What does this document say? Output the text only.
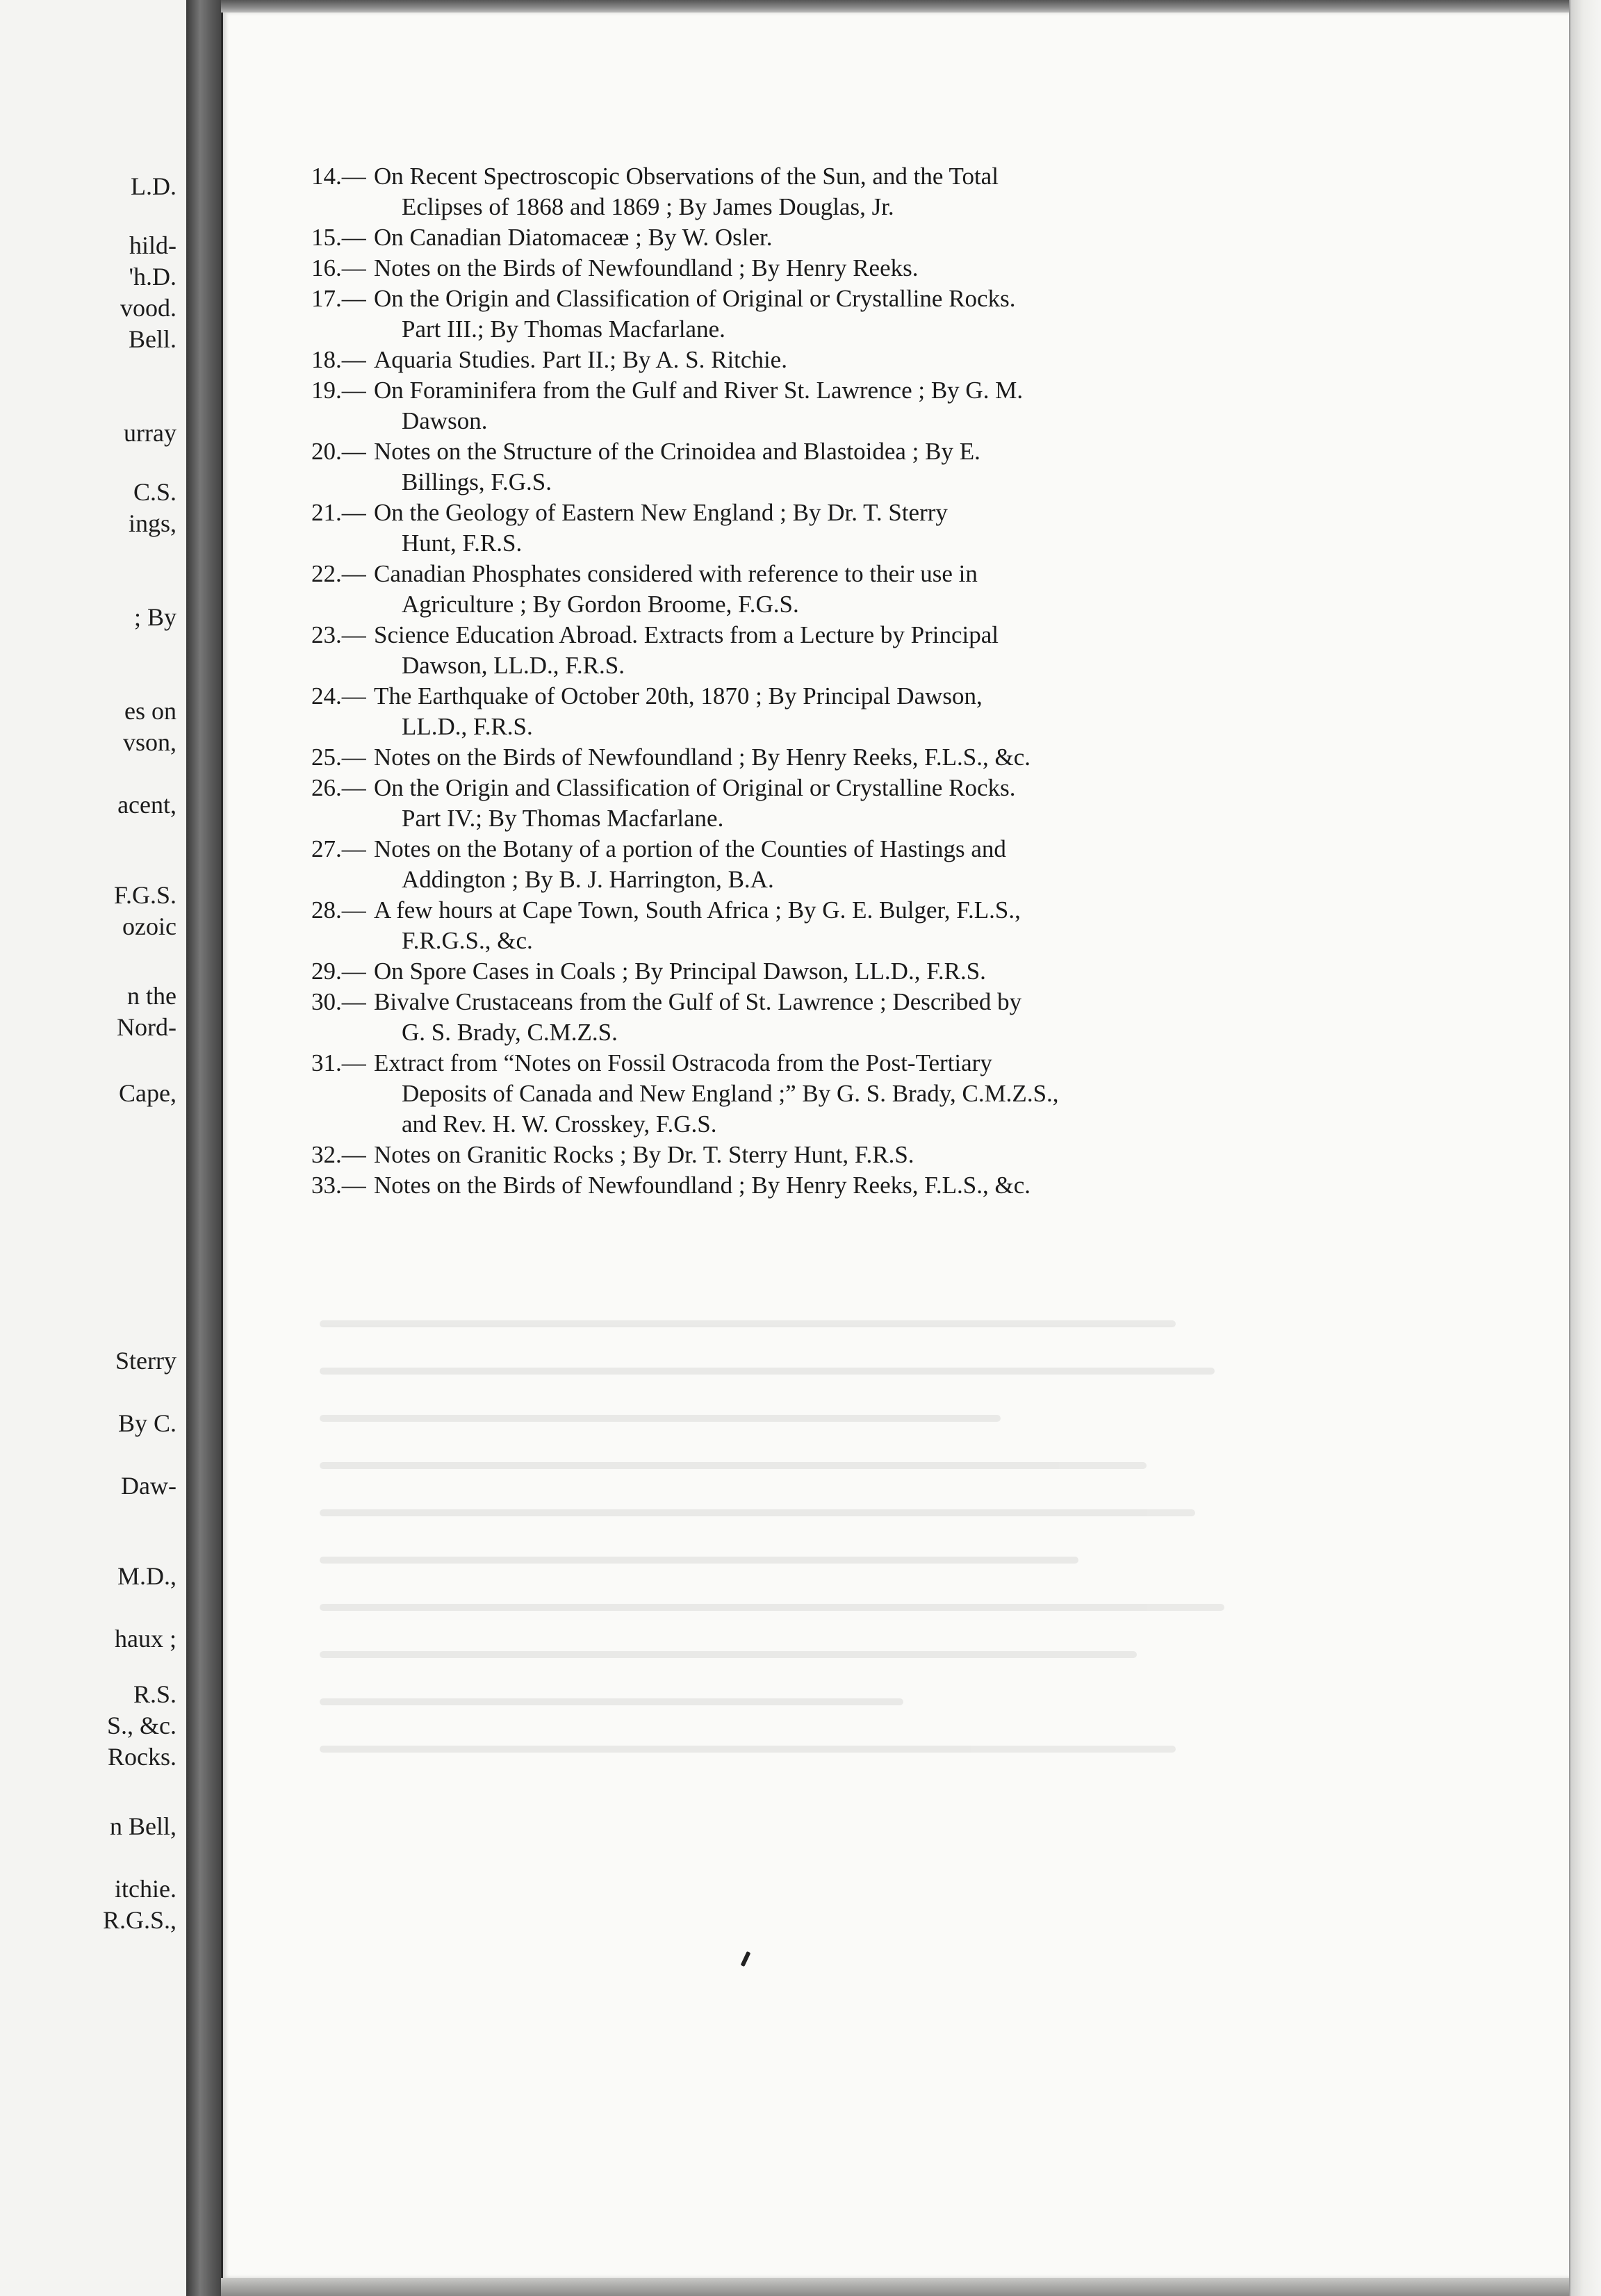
L.D.
hild-
'h.D.
vood.
Bell.
urray
C.S.
ings,
; By
es on
vson,
acent,
F.G.S.
ozoic
n the
Nord-
Cape,
Sterry
By C.
Daw-
M.D.,
haux ;
R.S.
S., &c.
Rocks.
n Bell,
itchie.
R.G.S.,
14.— On Recent Spectroscopic Observations of the Sun, and the Total
Eclipses of 1868 and 1869 ; By James Douglas, Jr.
15.— On Canadian Diatomaceæ ; By W. Osler.
16.— Notes on the Birds of Newfoundland ; By Henry Reeks.
17.— On the Origin and Classification of Original or Crystalline Rocks.
Part III.; By Thomas Macfarlane.
18.— Aquaria Studies. Part II.; By A. S. Ritchie.
19.— On Foraminifera from the Gulf and River St. Lawrence ; By G. M.
Dawson.
20.— Notes on the Structure of the Crinoidea and Blastoidea ; By E.
Billings, F.G.S.
21.— On the Geology of Eastern New England ; By Dr. T. Sterry
Hunt, F.R.S.
22.— Canadian Phosphates considered with reference to their use in
Agriculture ; By Gordon Broome, F.G.S.
23.— Science Education Abroad. Extracts from a Lecture by Principal
Dawson, LL.D., F.R.S.
24.— The Earthquake of October 20th, 1870 ; By Principal Dawson,
LL.D., F.R.S.
25.— Notes on the Birds of Newfoundland ; By Henry Reeks, F.L.S., &c.
26.— On the Origin and Classification of Original or Crystalline Rocks.
Part IV.; By Thomas Macfarlane.
27.— Notes on the Botany of a portion of the Counties of Hastings and
Addington ; By B. J. Harrington, B.A.
28.— A few hours at Cape Town, South Africa ; By G. E. Bulger, F.L.S.,
F.R.G.S., &c.
29.— On Spore Cases in Coals ; By Principal Dawson, LL.D., F.R.S.
30.— Bivalve Crustaceans from the Gulf of St. Lawrence ; Described by
G. S. Brady, C.M.Z.S.
31.— Extract from “Notes on Fossil Ostracoda from the Post-Tertiary
Deposits of Canada and New England ;” By G. S. Brady, C.M.Z.S.,
and Rev. H. W. Crosskey, F.G.S.
32.— Notes on Granitic Rocks ; By Dr. T. Sterry Hunt, F.R.S.
33.— Notes on the Birds of Newfoundland ; By Henry Reeks, F.L.S., &c.
